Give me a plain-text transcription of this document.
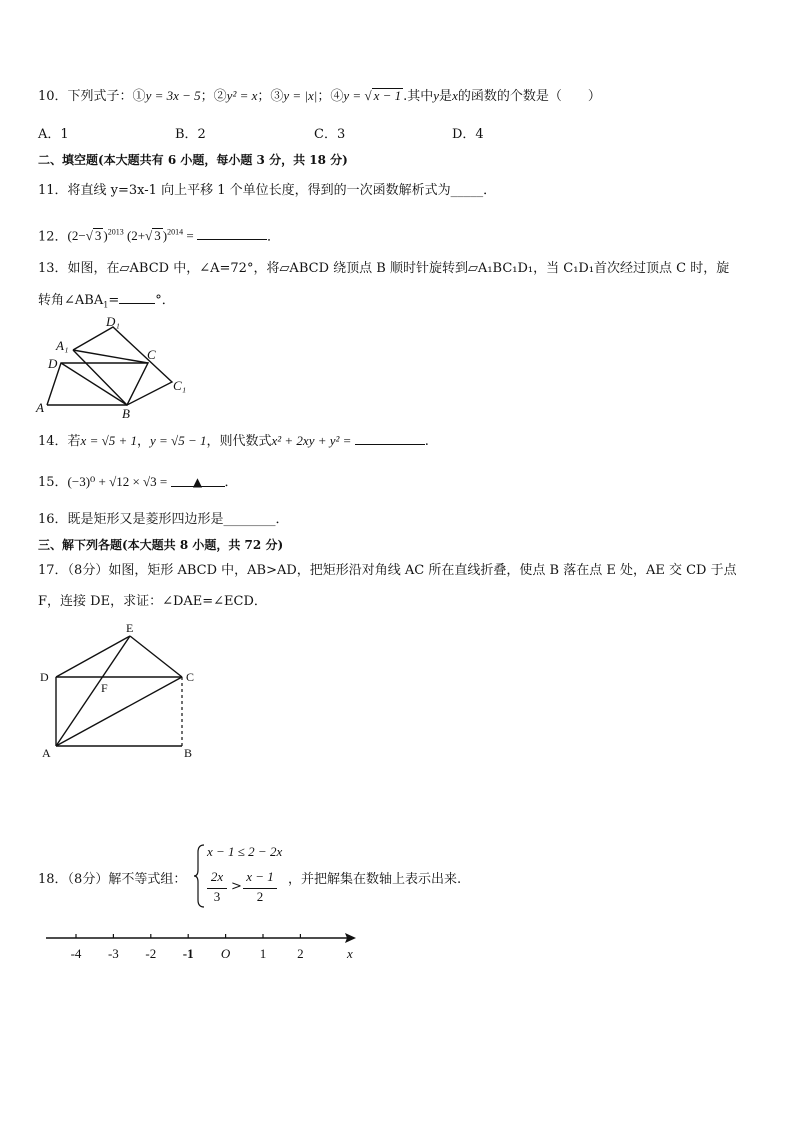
10．下列式子：①y = 3x − 5；②y² = x；③y = |x|；④y = √ x − 1 .其中y是x的函数的个数是（　　）
A．1	B．2	C．3	D．4
二、填空题(本大题共有 6 小题，每小题 3 分，共 18 分)
11．将直线 y=3x-1 向上平移 1 个单位长度，得到的一次函数解析式为_____．
12．(2−√ 3 )$^{2013}$ (2+√ 3 )$^{2014}$ =	．
13．如图，在▱ABCD 中，∠A=72°，将▱ABCD 绕顶点 B 顺时针旋转到▱A₁BC₁D₁，当 C₁D₁首次经过顶点 C 时，旋
转角$\angle ABA_1=$	°．
D₁
A₁
D
C
C₁
A	B
14．若x = √5 + 1，y = √5 − 1，则代数式x² + 2xy + y² =	.
15．(−3)⁰ + √12 × √3 = ▲ ．
16．既是矩形又是菱形四边形是________．
三、解下列各题(本大题共 8 小题，共 72 分)
17．（8分）如图，矩形 ABCD 中，AB>AD，把矩形沿对角线 AC 所在直线折叠，使点 B 落在点 E 处，AE 交 CD 于点
F，连接 DE，求证：∠DAE=∠ECD．
E
D	C
F
A	B
18．（8分）解不等式组：
x − 1 ≤ 2 − 2x
2x
3
>
x − 1
2
，并把解集在数轴上表示出来.
-4 -3 -2 -1 O 1 2	x
